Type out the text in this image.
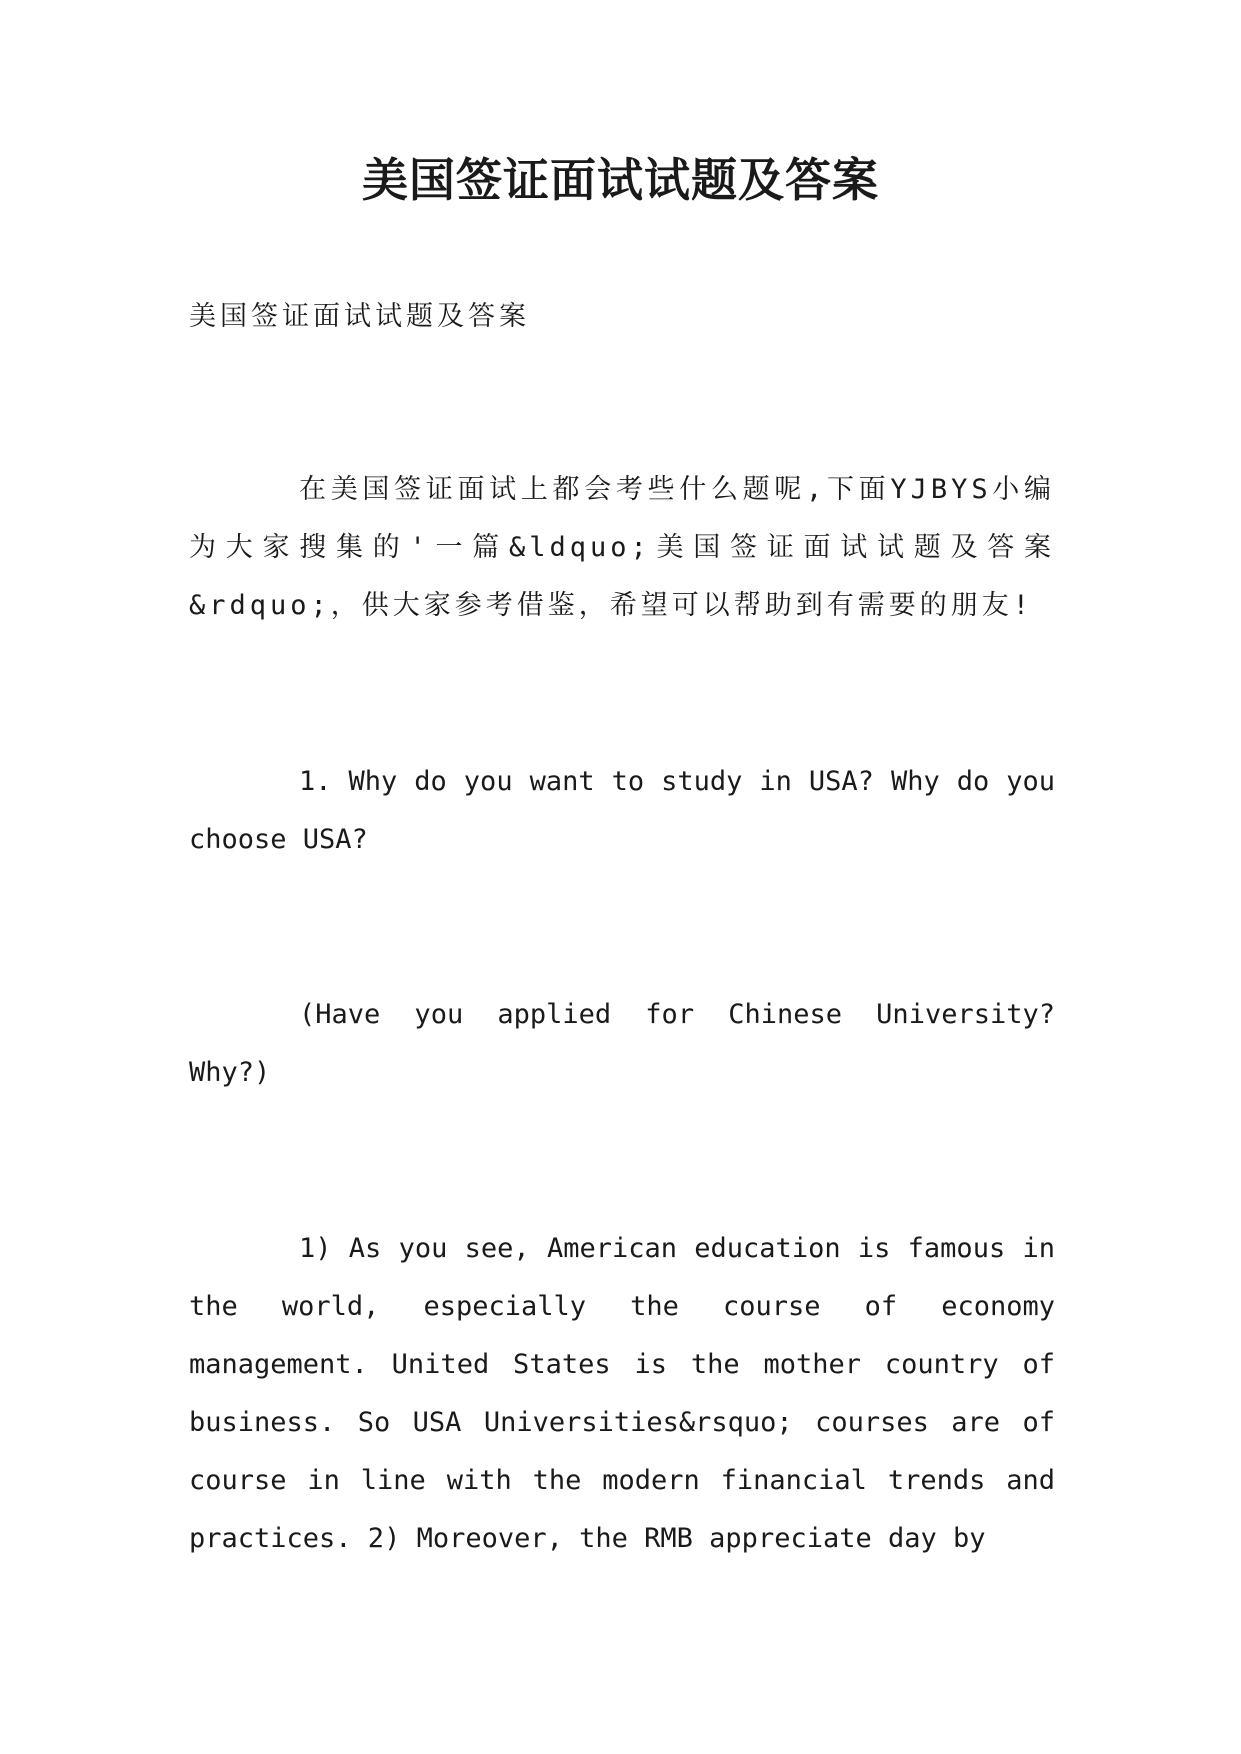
美国签证面试试题及答案

美国签证面试试题及答案

在美国签证面试上都会考些什么题呢,下面YJBYS小编为大家搜集的'一篇&ldquo;美国签证面试试题及答案&rdquo;，供大家参考借鉴，希望可以帮助到有需要的朋友!

1. Why do you want to study in USA? Why do you choose USA?

(Have you applied for Chinese University? Why?)

1) As you see, American education is famous in the world, especially the course of economy management. United States is the mother country of business. So USA Universities&rsquo; courses are of course in line with the modern financial trends and practices. 2) Moreover, the RMB appreciate day by
